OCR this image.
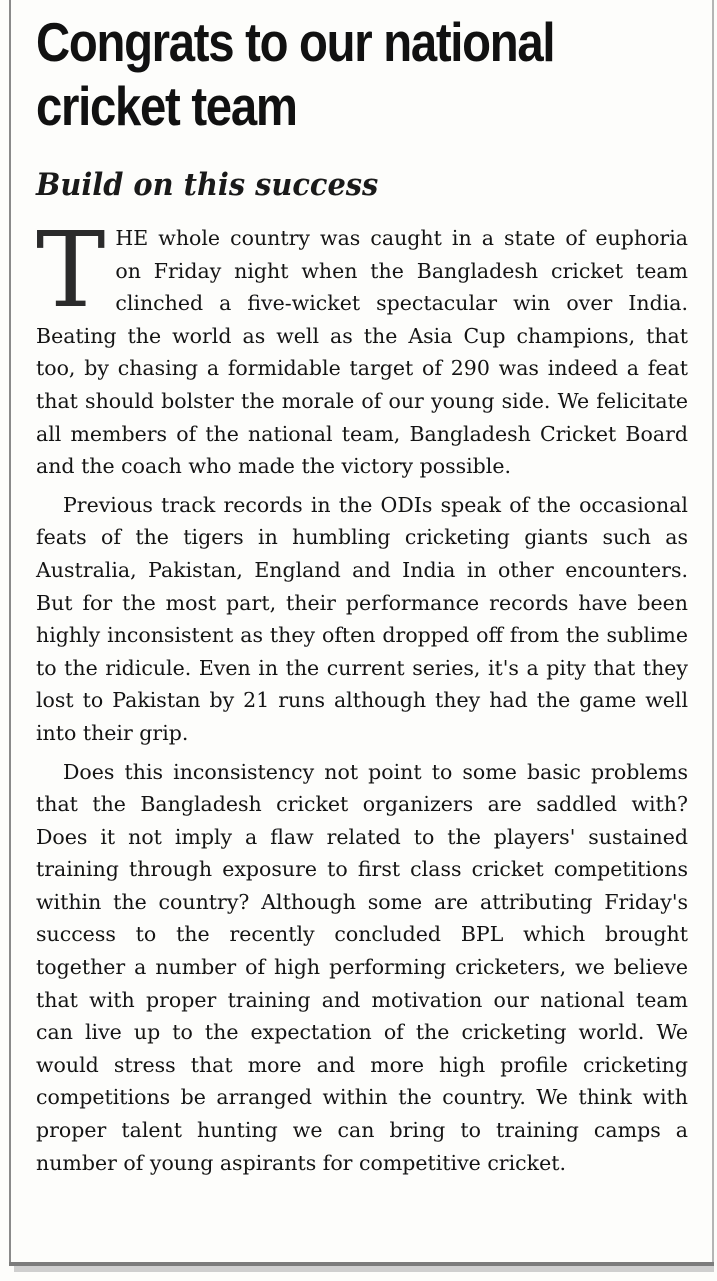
Congrats to our national cricket team
Build on this success

THE whole country was caught in a state of euphoria on Friday night when the Bangladesh cricket team clinched a five-wicket spectacular win over India. Beating the world as well as the Asia Cup champions, that too, by chasing a formidable target of 290 was indeed a feat that should bolster the morale of our young side. We felicitate all members of the national team, Bangladesh Cricket Board and the coach who made the victory possible.

Previous track records in the ODIs speak of the occasional feats of the tigers in humbling cricketing giants such as Australia, Pakistan, England and India in other encounters. But for the most part, their performance records have been highly inconsistent as they often dropped off from the sublime to the ridicule. Even in the current series, it's a pity that they lost to Pakistan by 21 runs although they had the game well into their grip.

Does this inconsistency not point to some basic problems that the Bangladesh cricket organizers are saddled with? Does it not imply a flaw related to the players' sustained training through exposure to first class cricket competitions within the country? Although some are attributing Friday's success to the recently concluded BPL which brought together a number of high performing cricketers, we believe that with proper training and motivation our national team can live up to the expectation of the cricketing world. We would stress that more and more high profile cricketing competitions be arranged within the country. We think with proper talent hunting we can bring to training camps a number of young aspirants for competitive cricket.
